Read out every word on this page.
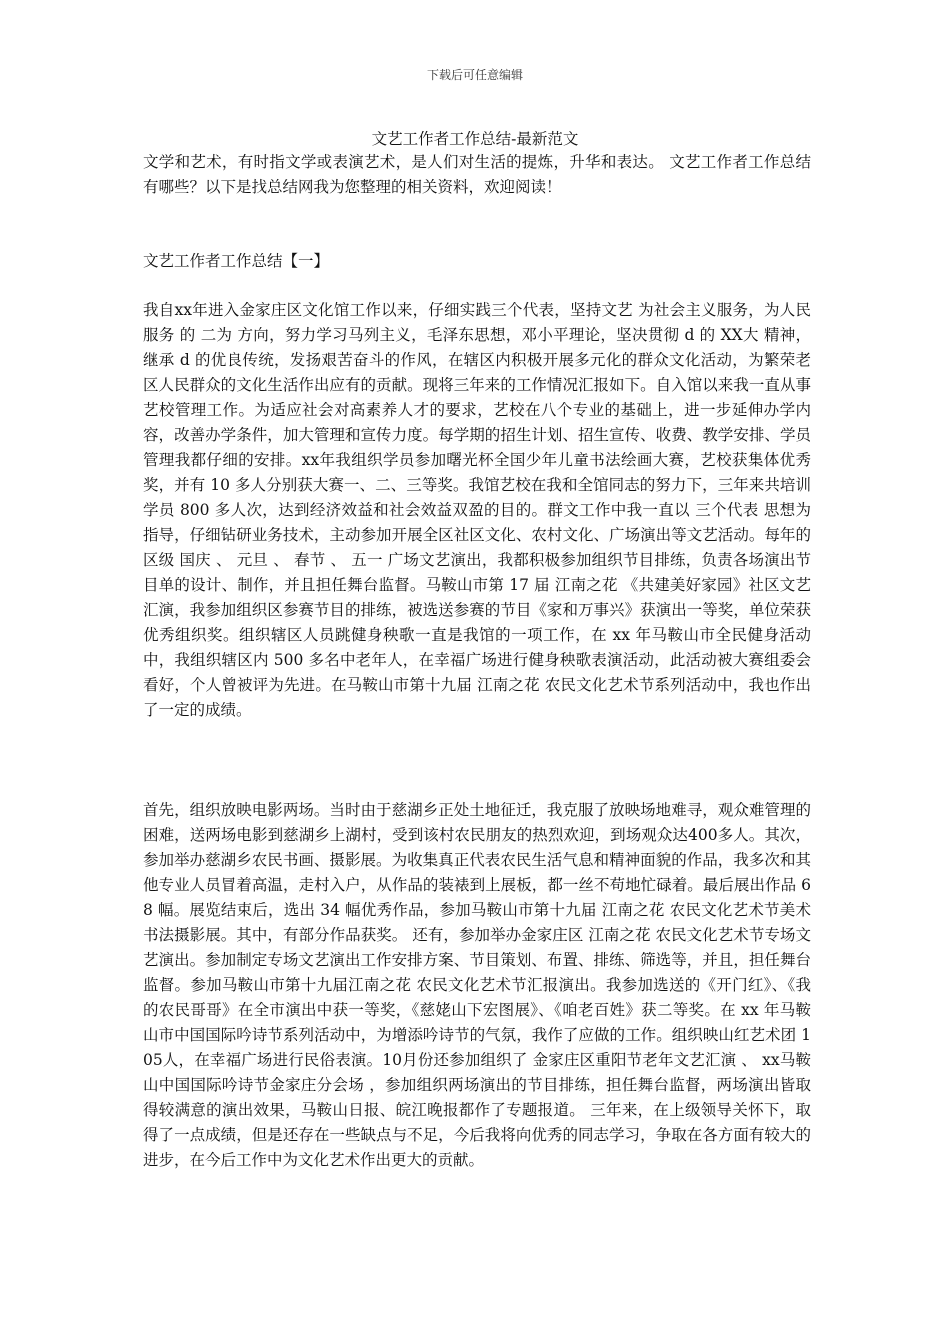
下载后可任意编辑
文艺工作者工作总结-最新范文

文学和艺术，有时指文学或表演艺术，是人们对生活的提炼，升华和表达。 文艺工作者工作总结有哪些？以下是找总结网我为您整理的相关资料，欢迎阅读！

文艺工作者工作总结【一】

我自xx年进入金家庄区文化馆工作以来，仔细实践三个代表，坚持文艺 为社会主义服务，为人民服务 的 二为 方向，努力学习马列主义，毛泽东思想，邓小平理论，坚决贯彻 d 的 XX大 精神，继承 d 的优良传统，发扬艰苦奋斗的作风，在辖区内积极开展多元化的群众文化活动，为繁荣老区人民群众的文化生活作出应有的贡献。现将三年来的工作情况汇报如下。自入馆以来我一直从事艺校管理工作。为适应社会对高素养人才的要求，艺校在八个专业的基础上，进一步延伸办学内容，改善办学条件，加大管理和宣传力度。每学期的招生计划、招生宣传、收费、教学安排、学员管理我都仔细的安排。xx年我组织学员参加曙光杯全国少年儿童书法绘画大赛，艺校获集体优秀奖，并有 10 多人分别获大赛一、二、三等奖。我馆艺校在我和全馆同志的努力下，三年来共培训学员 800 多人次，达到经济效益和社会效益双盈的目的。群文工作中我一直以 三个代表 思想为指导，仔细钻研业务技术，主动参加开展全区社区文化、农村文化、广场演出等文艺活动。每年的区级 国庆 、 元旦 、 春节 、 五一 广场文艺演出，我都积极参加组织节目排练，负责各场演出节目单的设计、制作，并且担任舞台监督。马鞍山市第 17 届 江南之花 《共建美好家园》社区文艺汇演，我参加组织区参赛节目的排练，被选送参赛的节目《家和万事兴》获演出一等奖，单位荣获优秀组织奖。组织辖区人员跳健身秧歌一直是我馆的一项工作，在 xx 年马鞍山市全民健身活动中，我组织辖区内 500 多名中老年人，在幸福广场进行健身秧歌表演活动，此活动被大赛组委会看好，个人曾被评为先进。在马鞍山市第十九届 江南之花 农民文化艺术节系列活动中，我也作出了一定的成绩。

首先，组织放映电影两场。当时由于慈湖乡正处土地征迁，我克服了放映场地难寻，观众难管理的困难，送两场电影到慈湖乡上湖村，受到该村农民朋友的热烈欢迎，到场观众达400多人。其次，参加举办慈湖乡农民书画、摄影展。为收集真正代表农民生活气息和精神面貌的作品，我多次和其他专业人员冒着高温，走村入户，从作品的装裱到上展板，都一丝不苟地忙碌着。最后展出作品 68 幅。展览结束后，选出 34 幅优秀作品，参加马鞍山市第十九届 江南之花 农民文化艺术节美术书法摄影展。其中，有部分作品获奖。 还有，参加举办金家庄区 江南之花 农民文化艺术节专场文艺演出。参加制定专场文艺演出工作安排方案、节目策划、布置、排练、筛选等，并且，担任舞台监督。参加马鞍山市第十九届江南之花 农民文化艺术节汇报演出。我参加选送的《开门红》、《我的农民哥哥》在全市演出中获一等奖，《慈姥山下宏图展》、《咱老百姓》获二等奖。在 xx 年马鞍山市中国国际吟诗节系列活动中，为增添吟诗节的气氛，我作了应做的工作。组织映山红艺术团 105人，在幸福广场进行民俗表演。10月份还参加组织了 金家庄区重阳节老年文艺汇演 、 xx马鞍山中国国际吟诗节金家庄分会场 ，参加组织两场演出的节目排练，担任舞台监督，两场演出皆取得较满意的演出效果，马鞍山日报、皖江晚报都作了专题报道。 三年来，在上级领导关怀下，取得了一点成绩，但是还存在一些缺点与不足，今后我将向优秀的同志学习，争取在各方面有较大的进步，在今后工作中为文化艺术作出更大的贡献。
